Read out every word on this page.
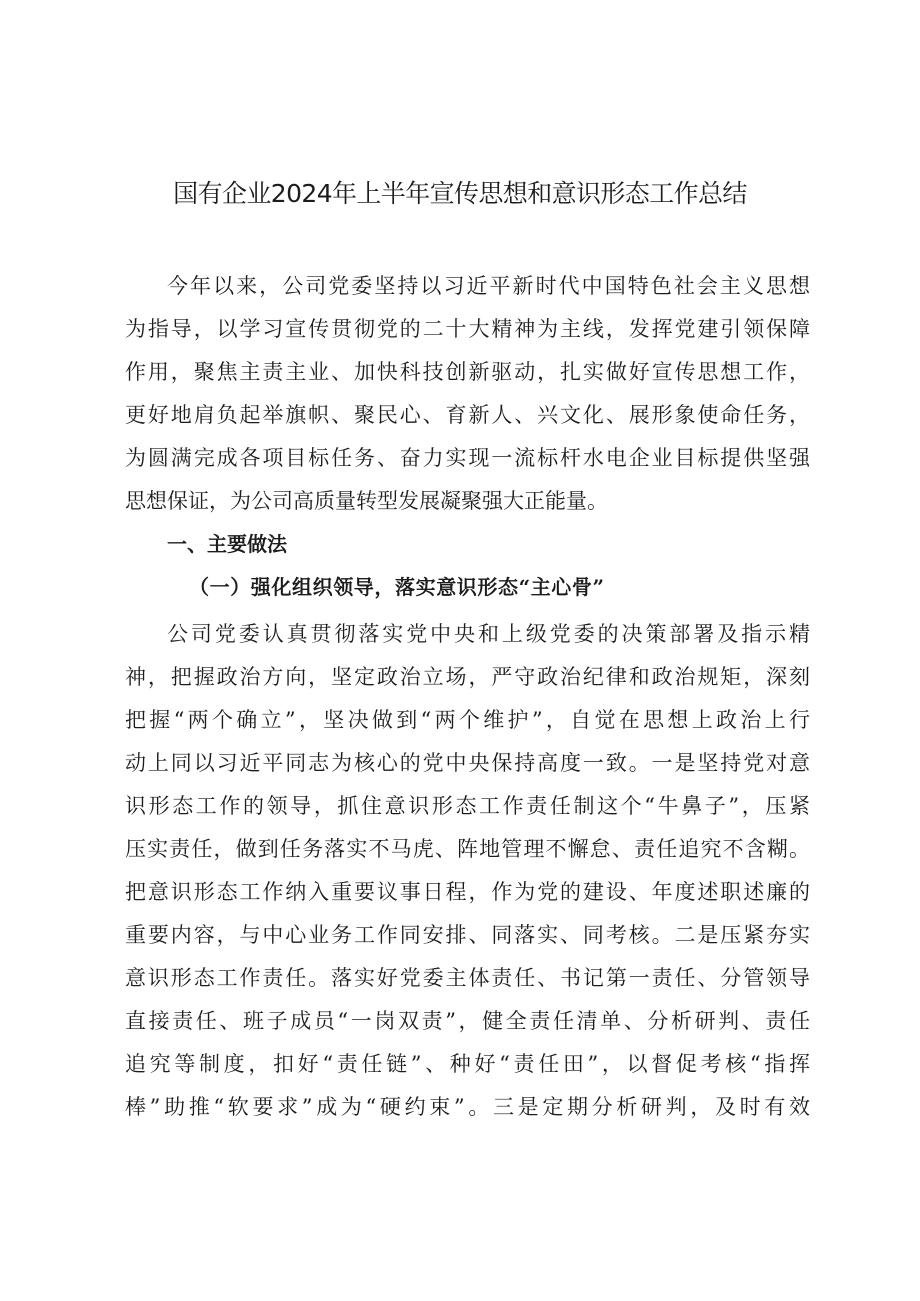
国有企业2024年上半年宣传思想和意识形态工作总结
今年以来，公司党委坚持以习近平新时代中国特色社会主义思想
为指导，以学习宣传贯彻党的二十大精神为主线，发挥党建引领保障
作用，聚焦主责主业、加快科技创新驱动，扎实做好宣传思想工作，
更好地肩负起举旗帜、聚民心、育新人、兴文化、展形象使命任务，
为圆满完成各项目标任务、奋力实现一流标杆水电企业目标提供坚强
思想保证，为公司高质量转型发展凝聚强大正能量。
一、主要做法
（一）强化组织领导，落实意识形态“主心骨”
公司党委认真贯彻落实党中央和上级党委的决策部署及指示精
神，把握政治方向，坚定政治立场，严守政治纪律和政治规矩，深刻
把握“两个确立”，坚决做到“两个维护”，自觉在思想上政治上行
动上同以习近平同志为核心的党中央保持高度一致。一是坚持党对意
识形态工作的领导，抓住意识形态工作责任制这个“牛鼻子”，压紧
压实责任，做到任务落实不马虎、阵地管理不懈怠、责任追究不含糊。
把意识形态工作纳入重要议事日程，作为党的建设、年度述职述廉的
重要内容，与中心业务工作同安排、同落实、同考核。二是压紧夯实
意识形态工作责任。落实好党委主体责任、书记第一责任、分管领导
直接责任、班子成员“一岗双责”，健全责任清单、分析研判、责任
追究等制度，扣好“责任链”、种好“责任田”，以督促考核“指挥
棒”助推“软要求”成为“硬约束”。三是定期分析研判，及时有效
